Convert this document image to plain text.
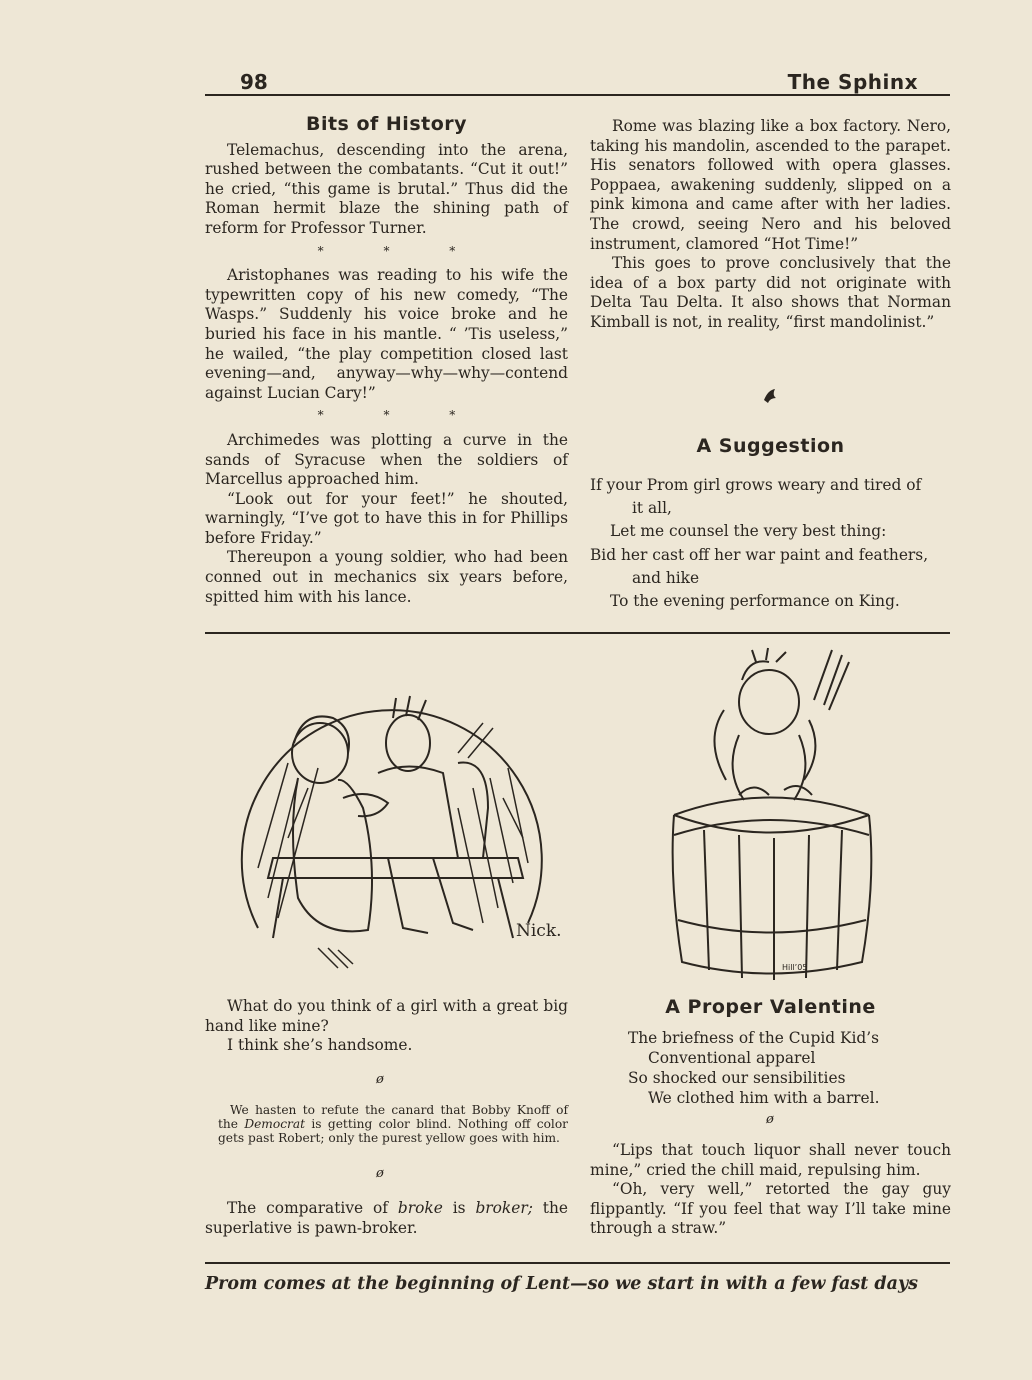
98	The Sphinx
Bits of History

Telemachus, descending into the arena, rushed between the combatants. “Cut it out!” he cried, “this game is brutal.” Thus did the Roman hermit blaze the shining path of reform for Professor Turner.

* * *

Aristophanes was reading to his wife the typewritten copy of his new comedy, “The Wasps.” Suddenly his voice broke and he buried his face in his mantle. “ ’Tis useless,” he wailed, “the play competition closed last evening—and, anyway—why—why—contend against Lucian Cary!”

* * *

Archimedes was plotting a curve in the sands of Syracuse when the soldiers of Marcellus approached him.

“Look out for your feet!” he shouted, warningly, “I’ve got to have this in for Phillips before Friday.”

Thereupon a young soldier, who had been conned out in mechanics six years before, spitted him with his lance.

Rome was blazing like a box factory. Nero, taking his mandolin, ascended to the parapet. His senators followed with opera glasses. Poppaea, awakening suddenly, slipped on a pink kimona and came after with her ladies. The crowd, seeing Nero and his beloved instrument, clamored “Hot Time!”

This goes to prove conclusively that the idea of a box party did not originate with Delta Tau Delta. It also shows that Norman Kimball is not, in reality, “first mandolinist.”

A Suggestion

If your Prom girl grows weary and tired of

it all,

Let me counsel the very best thing:

Bid her cast off her war paint and feathers,

and hike

To the evening performance on King.

Nick.
Hill’05

What do you think of a girl with a great big hand like mine?

I think she’s handsome.

ø

We hasten to refute the canard that Bobby Knoff of the Democrat is getting color blind. Nothing off color gets past Robert; only the purest yellow goes with him.

ø

The comparative of broke is broker; the superlative is pawn-broker.

A Proper Valentine

The briefness of the Cupid Kid’s

Conventional apparel

So shocked our sensibilities

We clothed him with a barrel.

ø

“Lips that touch liquor shall never touch mine,” cried the chill maid, repulsing him.

“Oh, very well,” retorted the gay guy flippantly. “If you feel that way I’ll take mine through a straw.”

Prom comes at the beginning of Lent—so we start in with a few fast days
